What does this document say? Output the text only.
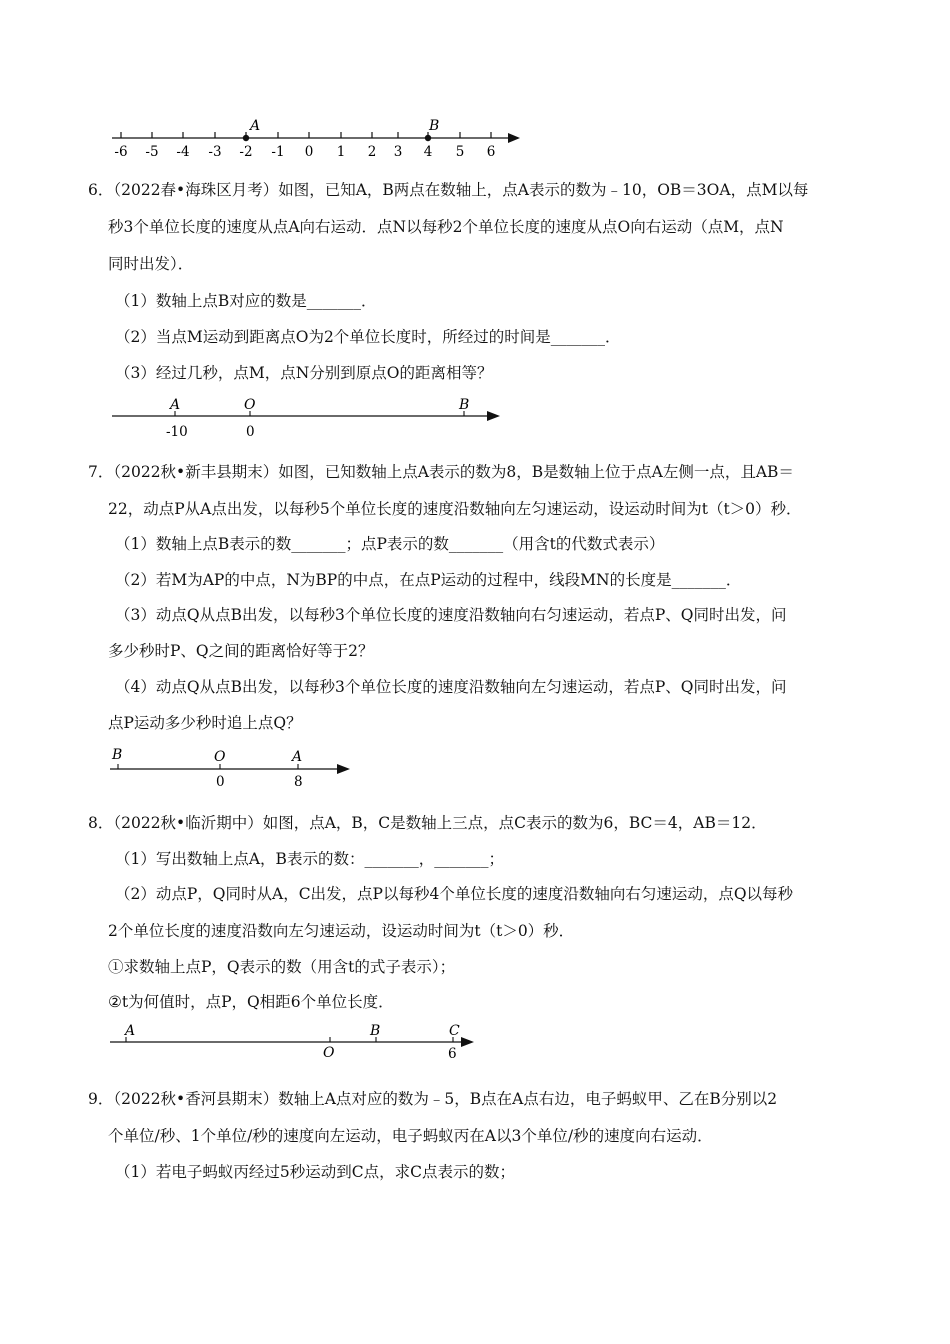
A	B
-6 -5 -4 -3 -2 -1 0 1 2 3 4 5 6
6．（2022春•海珠区月考）如图，已知A，B两点在数轴上，点A表示的数为﹣10，OB＝3OA，点M以每
秒3个单位长度的速度从点A向右运动．点N以每秒2个单位长度的速度从点O向右运动（点M，点N
同时出发）．
（1）数轴上点B对应的数是_______．
（2）当点M运动到距离点O为2个单位长度时，所经过的时间是_______．
（3）经过几秒，点M，点N分别到原点O的距离相等？
A	O	B
-10	0
7．（2022秋•新丰县期末）如图，已知数轴上点A表示的数为8，B是数轴上位于点A左侧一点，且AB＝
22，动点P从A点出发，以每秒5个单位长度的速度沿数轴向左匀速运动，设运动时间为t（t＞0）秒．
（1）数轴上点B表示的数_______；点P表示的数_______（用含t的代数式表示）
（2）若M为AP的中点，N为BP的中点，在点P运动的过程中，线段MN的长度是_______．
（3）动点Q从点B出发，以每秒3个单位长度的速度沿数轴向右匀速运动，若点P、Q同时出发，问
多少秒时P、Q之间的距离恰好等于2？
（4）动点Q从点B出发，以每秒3个单位长度的速度沿数轴向左匀速运动，若点P、Q同时出发，问
点P运动多少秒时追上点Q？
B	O	A
0	8
8．（2022秋•临沂期中）如图，点A，B，C是数轴上三点，点C表示的数为6，BC＝4，AB＝12．
（1）写出数轴上点A，B表示的数：_______，_______；
（2）动点P，Q同时从A，C出发，点P以每秒4个单位长度的速度沿数轴向右匀速运动，点Q以每秒
2个单位长度的速度沿数向左匀速运动，设运动时间为t（t＞0）秒．
①求数轴上点P，Q表示的数（用含t的式子表示）；
②t为何值时，点P，Q相距6个单位长度．
A	B	C
O	6
9．（2022秋•香河县期末）数轴上A点对应的数为﹣5，B点在A点右边，电子蚂蚁甲、乙在B分别以2
个单位/秒、1个单位/秒的速度向左运动，电子蚂蚁丙在A以3个单位/秒的速度向右运动．
（1）若电子蚂蚁丙经过5秒运动到C点，求C点表示的数；
